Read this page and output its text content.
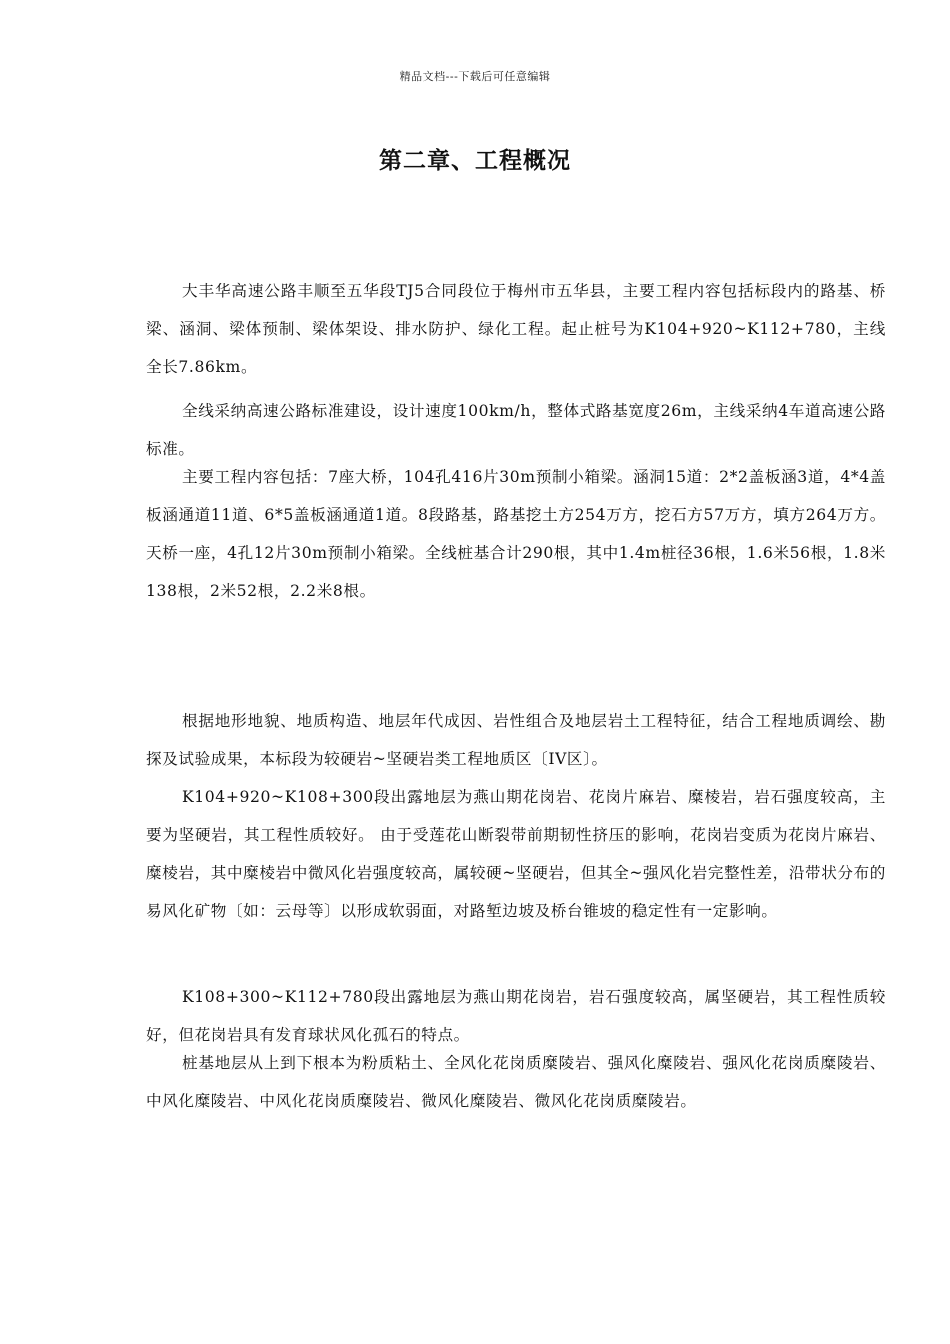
精品文档---下载后可任意编辑
第二章、工程概况

大丰华高速公路丰顺至五华段TJ5合同段位于梅州市五华县，主要工程内容包括标段内的路基、桥梁、涵洞、梁体预制、梁体架设、排水防护、绿化工程。起止桩号为K104+920~K112+780，主线全长7.86km。

全线采纳高速公路标准建设，设计速度100km/h，整体式路基宽度26m，主线采纳4车道高速公路标准。

主要工程内容包括：7座大桥，104孔416片30m预制小箱梁。涵洞15道：2*2盖板涵3道，4*4盖板涵通道11道、6*5盖板涵通道1道。8段路基，路基挖土方254万方，挖石方57万方，填方264万方。天桥一座，4孔12片30m预制小箱梁。全线桩基合计290根，其中1.4m桩径36根，1.6米56根，1.8米138根，2米52根，2.2米8根。

根据地形地貌、地质构造、地层年代成因、岩性组合及地层岩土工程特征，结合工程地质调绘、勘探及试验成果，本标段为较硬岩~坚硬岩类工程地质区〔IV区〕。

K104+920~K108+300段出露地层为燕山期花岗岩、花岗片麻岩、糜棱岩，岩石强度较高，主要为坚硬岩，其工程性质较好。 由于受莲花山断裂带前期韧性挤压的影响，花岗岩变质为花岗片麻岩、糜棱岩，其中糜棱岩中微风化岩强度较高，属较硬~坚硬岩，但其全~强风化岩完整性差，沿带状分布的易风化矿物〔如：云母等〕以形成软弱面，对路堑边坡及桥台锥坡的稳定性有一定影响。

K108+300~K112+780段出露地层为燕山期花岗岩，岩石强度较高，属坚硬岩，其工程性质较好，但花岗岩具有发育球状风化孤石的特点。

桩基地层从上到下根本为粉质粘土、全风化花岗质糜陵岩、强风化糜陵岩、强风化花岗质糜陵岩、中风化糜陵岩、中风化花岗质糜陵岩、微风化糜陵岩、微风化花岗质糜陵岩。
